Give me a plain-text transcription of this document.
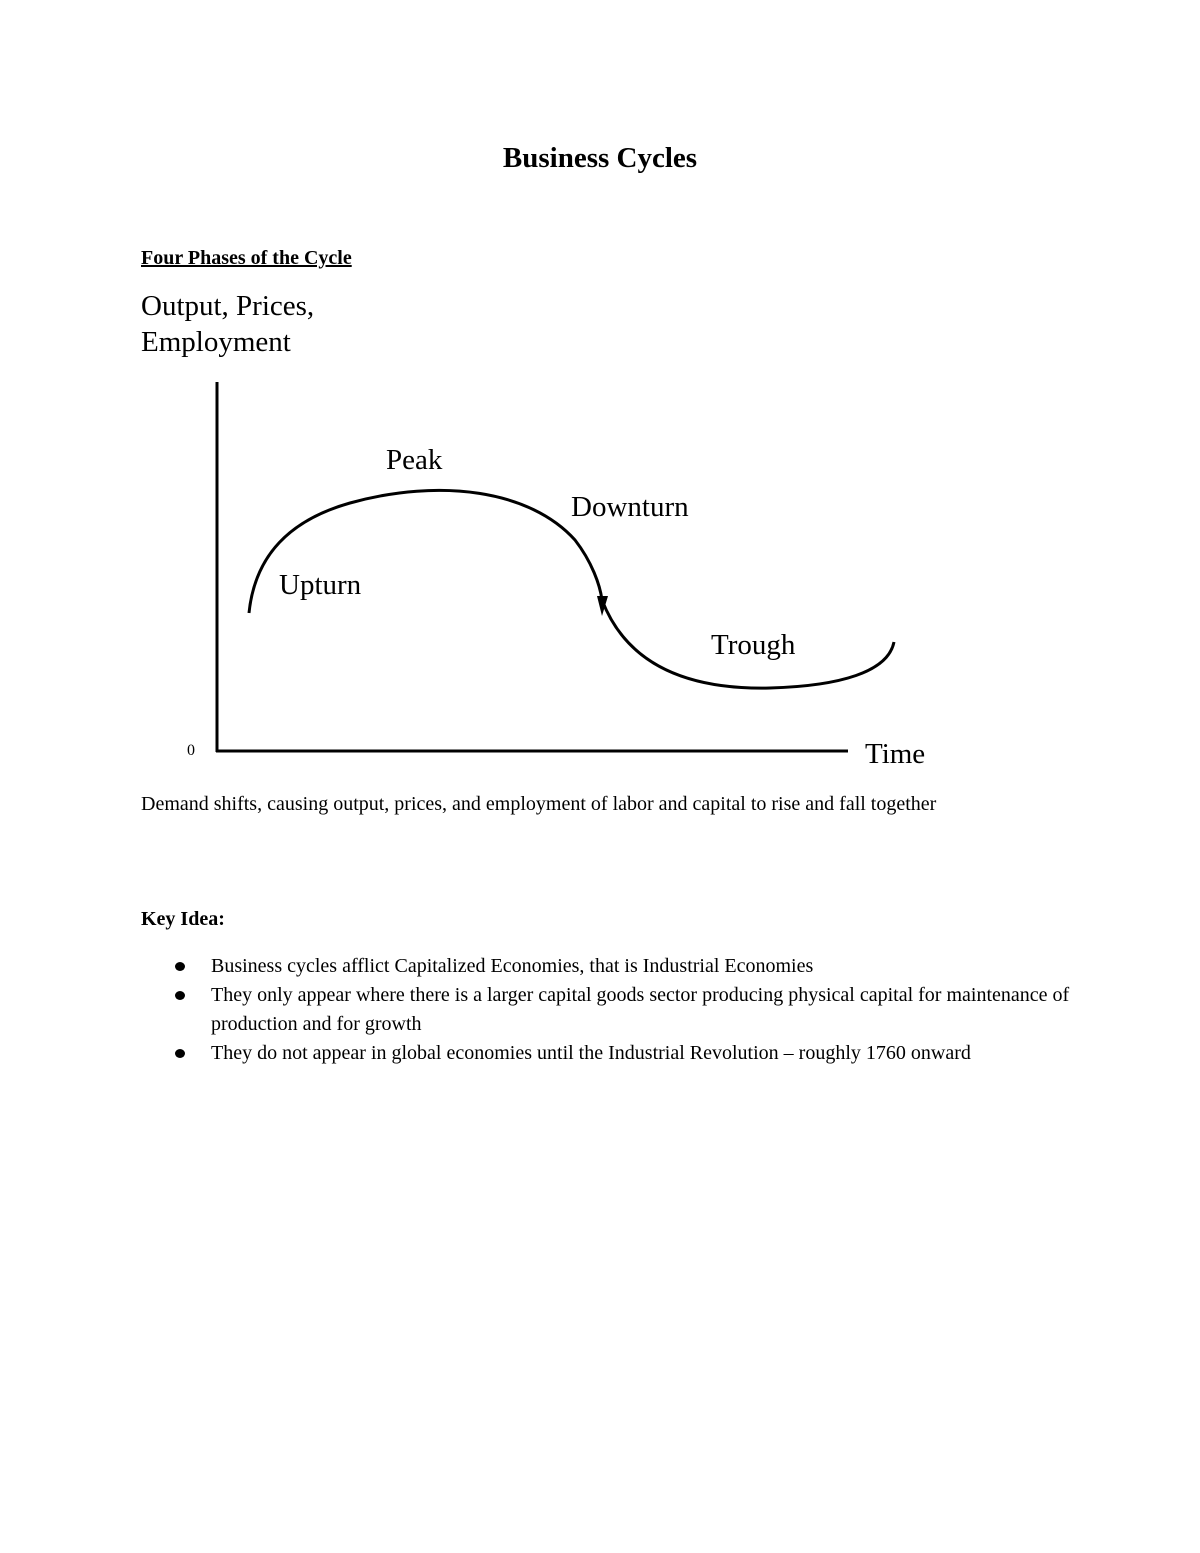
Business Cycles
Four Phases of the Cycle
Output, Prices,
Employment
Peak
Downturn
Upturn
Trough
0	Time

Demand shifts, causing output, prices, and employment of labor and capital to rise and fall together

Key Idea:
Business cycles afflict Capitalized Economies, that is Industrial Economies
They only appear where there is a larger capital goods sector producing physical capital for maintenance of production and for growth
They do not appear in global economies until the Industrial Revolution – roughly 1760 onward
